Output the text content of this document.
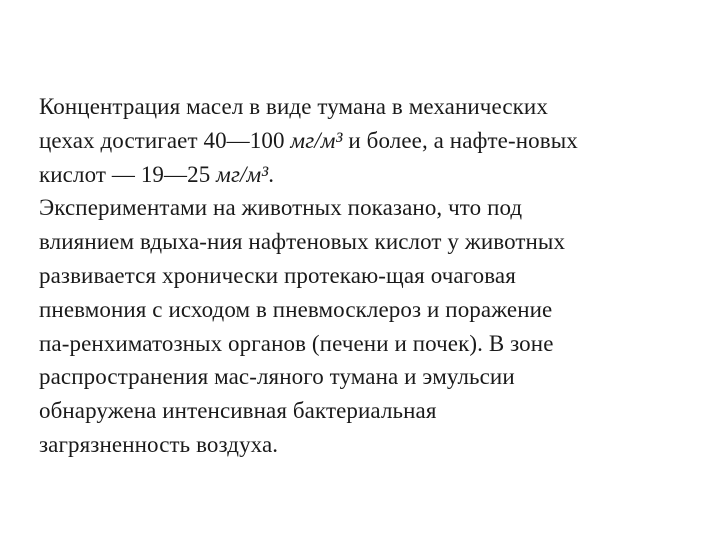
Концентрация масел в виде тумана в механических
цехах достигает 40—100 мг/м³ и более, а нафте-новых
кислот — 19—25 мг/м³.
Экспериментами на животных показано, что под
влиянием вдыха-ния нафтеновых кислот у животных
развивается хронически протекаю-щая очаговая
пневмония с исходом в пневмосклероз и поражение
па-ренхиматозных органов (печени и почек). В зоне
распространения мас-ляного тумана и эмульсии
обнаружена интенсивная бактериальная
загрязненность воздуха.
